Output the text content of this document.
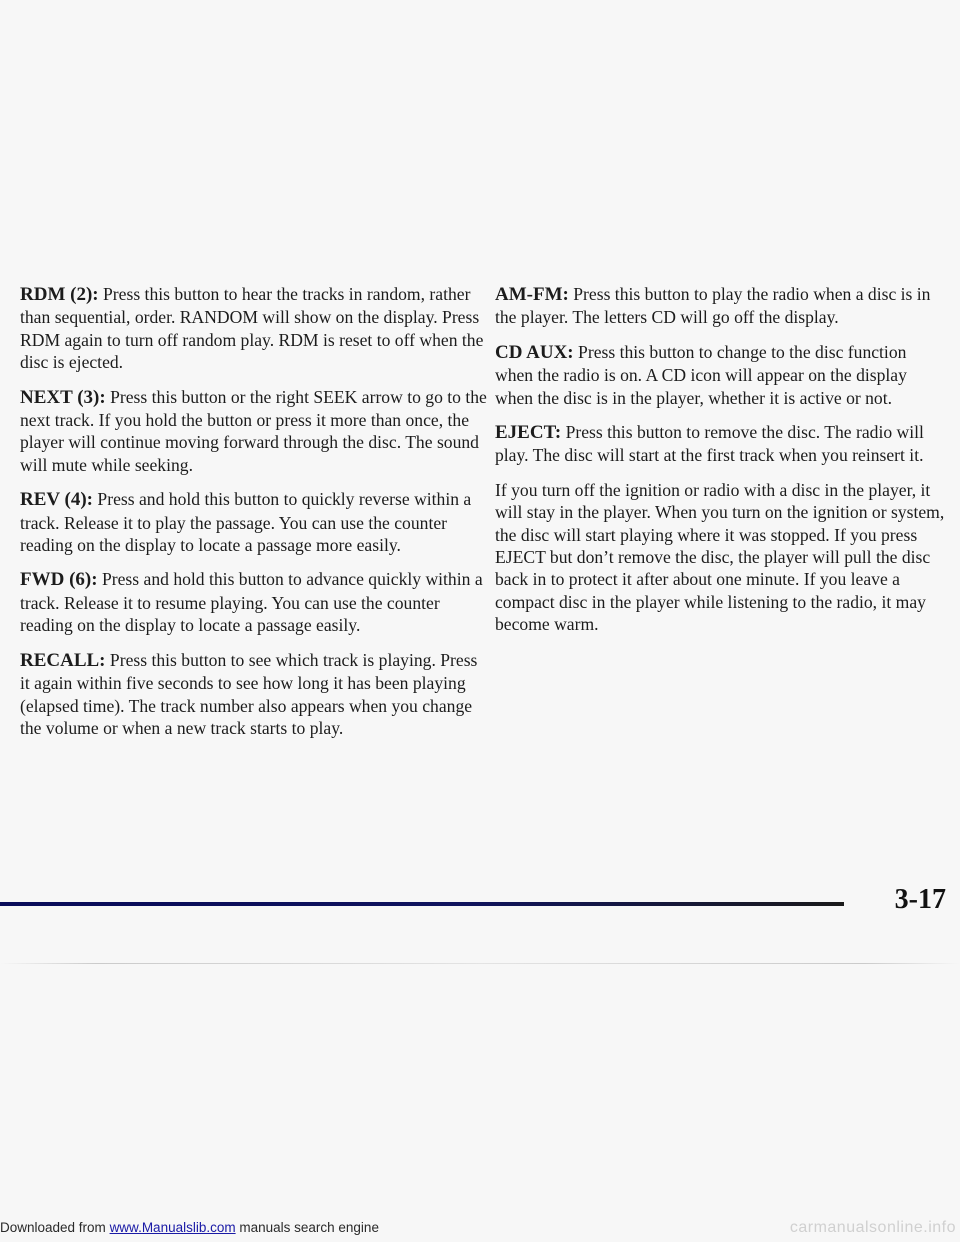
RDM (2): Press this button to hear the tracks in random, rather than sequential, order. RANDOM will show on the display. Press RDM again to turn off random play. RDM is reset to off when the disc is ejected.

NEXT (3): Press this button or the right SEEK arrow to go to the next track. If you hold the button or press it more than once, the player will continue moving forward through the disc. The sound will mute while seeking.

REV (4): Press and hold this button to quickly reverse within a track. Release it to play the passage. You can use the counter reading on the display to locate a passage more easily.

FWD (6): Press and hold this button to advance quickly within a track. Release it to resume playing. You can use the counter reading on the display to locate a passage easily.

RECALL: Press this button to see which track is playing. Press it again within five seconds to see how long it has been playing (elapsed time). The track number also appears when you change the volume or when a new track starts to play.

AM-FM: Press this button to play the radio when a disc is in the player. The letters CD will go off the display.

CD AUX: Press this button to change to the disc function when the radio is on. A CD icon will appear on the display when the disc is in the player, whether it is active or not.

EJECT: Press this button to remove the disc. The radio will play. The disc will start at the first track when you reinsert it.

If you turn off the ignition or radio with a disc in the player, it will stay in the player. When you turn on the ignition or system, the disc will start playing where it was stopped. If you press EJECT but don’t remove the disc, the player will pull the disc back in to protect it after about one minute. If you leave a compact disc in the player while listening to the radio, it may become warm.

3-17
Downloaded from www.Manualslib.com manuals search engine	carmanualsonline.info
